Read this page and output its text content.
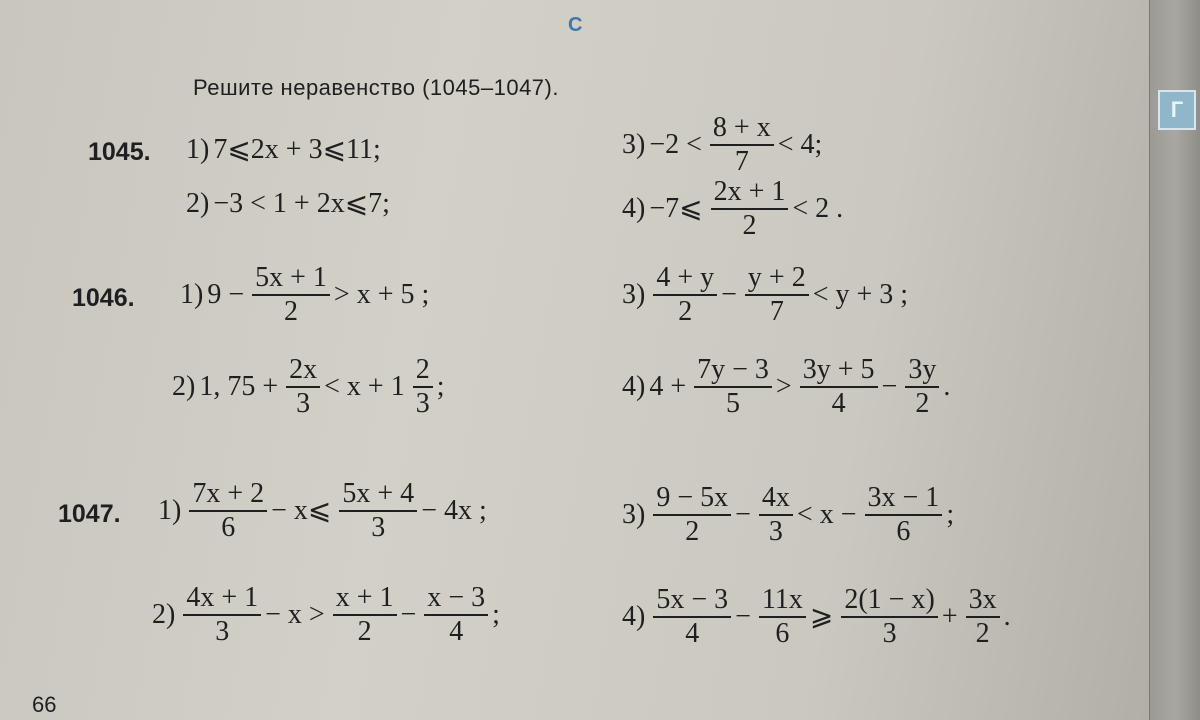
Г
С
Решите неравенство (1045–1047).
1045. 1) 7⩽2x + 3⩽11;
2) −3 < 1 + 2x⩽7;
$3) -2 < \frac{8 + x}{7} < 4$;
4) −7⩽ $\frac{2x + 1}{2} < 2$ .
1046. 1) $9 - \frac{5x + 1}{2} > x + 5$ ;
2) 1, $75 + \frac{2x}{3} < x + 1 \frac{2}{3}$ ;
$3) \frac{4 + y}{2} - \frac{y + 2}{7} < y + 3$ ;
4) $4 + \frac{7y - 3}{5} > \frac{3y + 5}{4} - \frac{3y}{2}$ .
1047. $1) \frac{7x + 2}{6}$ − x⩽ $\frac{5x + 4}{3} - 4x$ ;
$2) \frac{4x + 1}{3} - x > \frac{x + 1}{2} - \frac{x - 3}{4}$ ;
$3) \frac{9 - 5x}{2} - \frac{4x}{3} < x - \frac{3x - 1}{6}$ ;
$4) \frac{5x - 3}{4} - \frac{11x}{6}$ ⩾ $\frac{2(1 - x)}{3} + \frac{3x}{2}$ .
66
